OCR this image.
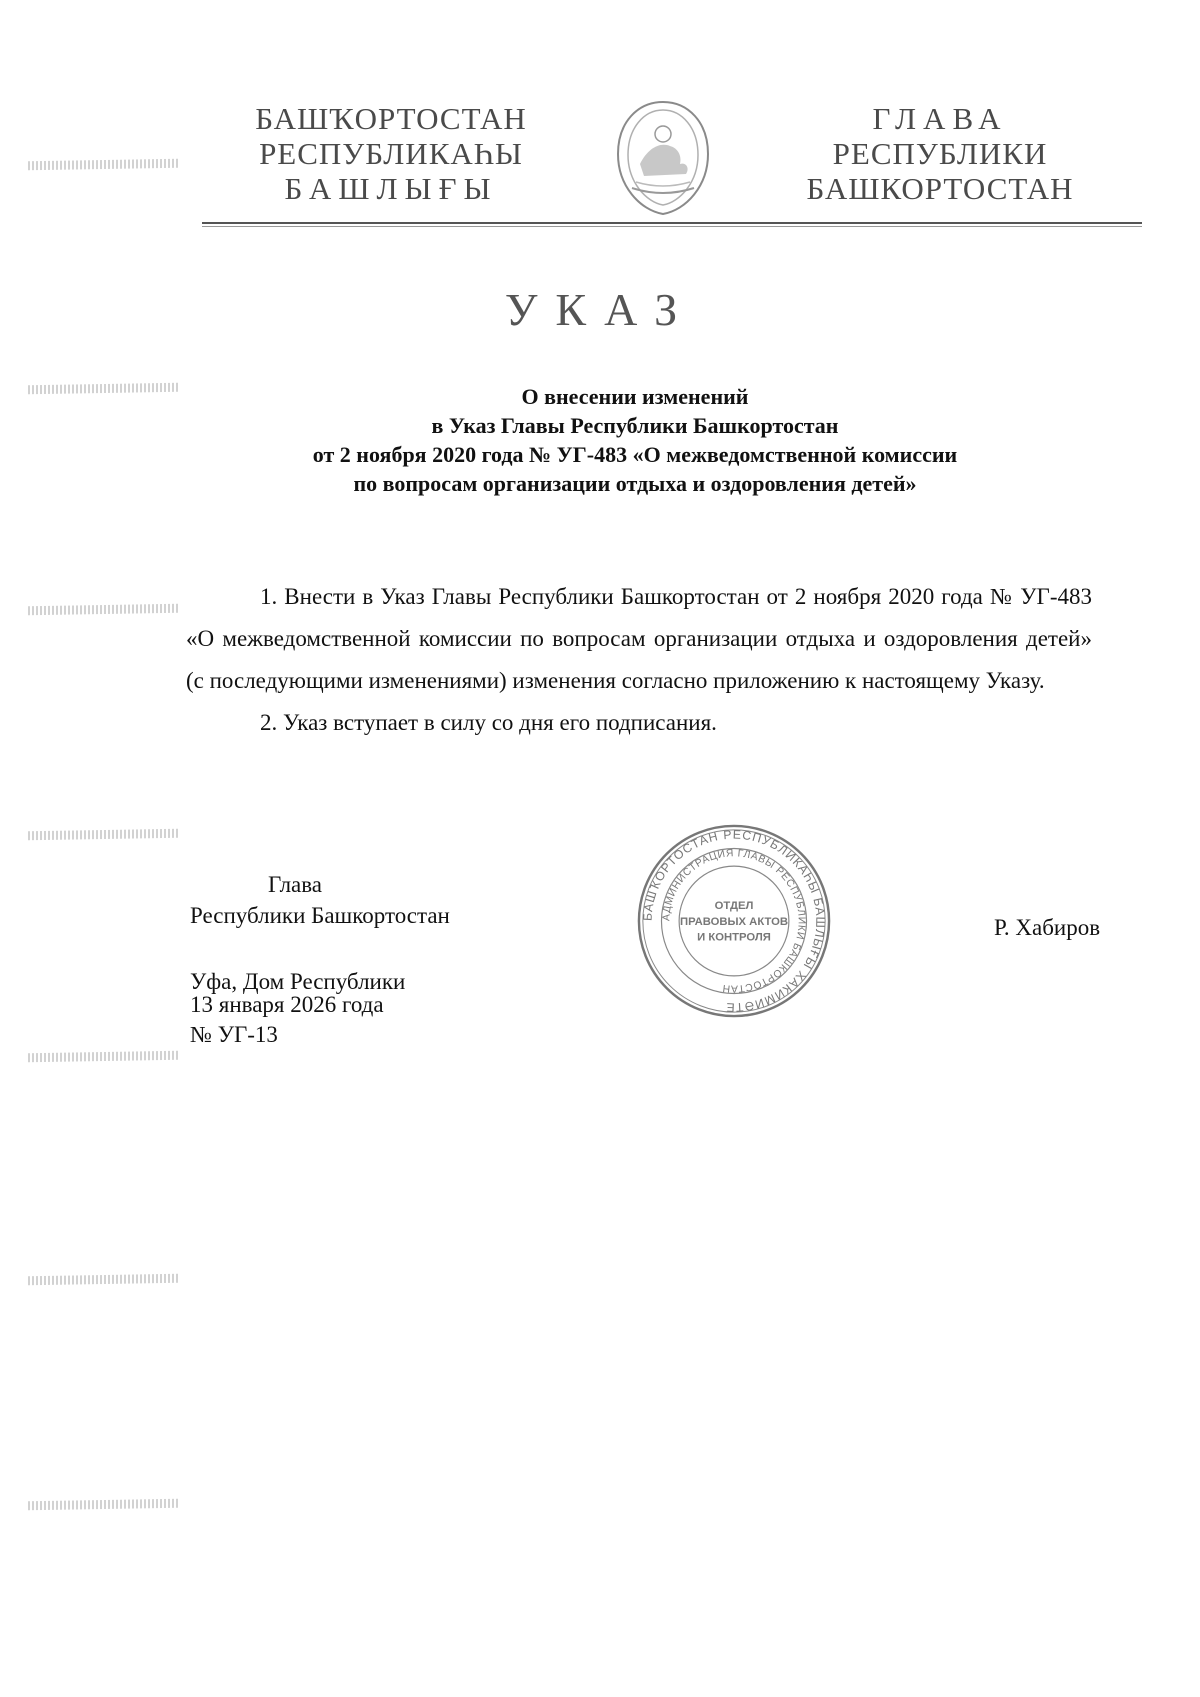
БАШҠОРТОСТАН
РЕСПУБЛИКАҺЫ
БАШЛЫҒЫ
ГЛАВА
РЕСПУБЛИКИ
БАШКОРТОСТАН
УКАЗ
О внесении изменений
в Указ Главы Республики Башкортостан
от 2 ноября 2020 года № УГ-483 «О межведомственной комиссии
по вопросам организации отдыха и оздоровления детей»

1. Внести в Указ Главы Республики Башкортостан от 2 ноября 2020 года № УГ-483 «О межведомственной комиссии по вопросам организации отдыха и оздоровления детей» (с последующими изменениями) изменения согласно приложению к настоящему Указу.

2. Указ вступает в силу со дня его подписания.

Глава
Республики Башкортостан	Р. Хабиров
Уфа, Дом Республики
13 января 2026 года
№ УГ-13
БАШҠОРТОСТАН РЕСПУБЛИКАҺЫ БАШЛЫҒЫ ХАКИМИӘТЕ
АДМИНИСТРАЦИЯ ГЛАВЫ РЕСПУБЛИКИ БАШКОРТОСТАН
ОТДЕЛ
ПРАВОВЫХ АКТОВ
И КОНТРОЛЯ
